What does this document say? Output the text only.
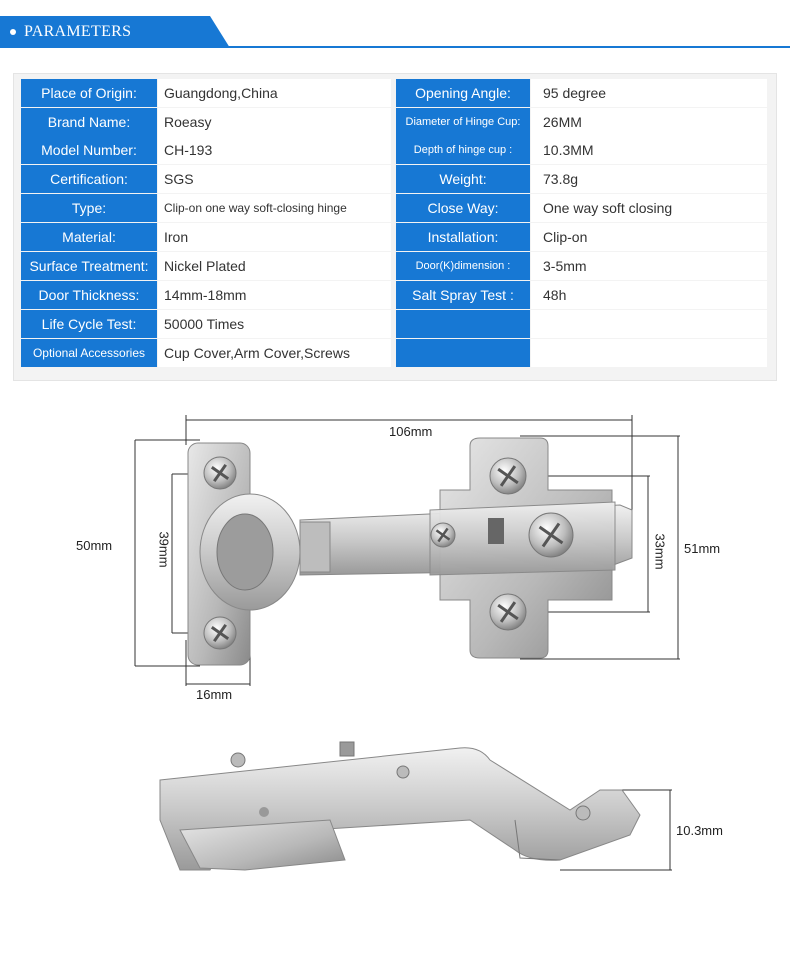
PARAMETERS
Place of Origin:	Guangdong,China	Opening Angle:	95 degree
Brand Name:	Roeasy	Diameter of Hinge Cup:	26MM
Model Number:	CH-193	Depth of hinge cup :	10.3MM
Certification:	SGS	Weight:	73.8g
Type:	Clip-on one way soft-closing hinge	Close Way:	One way soft closing
Material:	Iron	Installation:	Clip-on
Surface Treatment:	Nickel Plated	Door(K)dimension :	3-5mm
Door Thickness:	14mm-18mm	Salt Spray Test :	48h
Life Cycle Test:	50000 Times
Optional Accessories	Cup Cover,Arm Cover,Screws
106mm
50mm	39mm
16mm
33mm 51mm
10.3mm
